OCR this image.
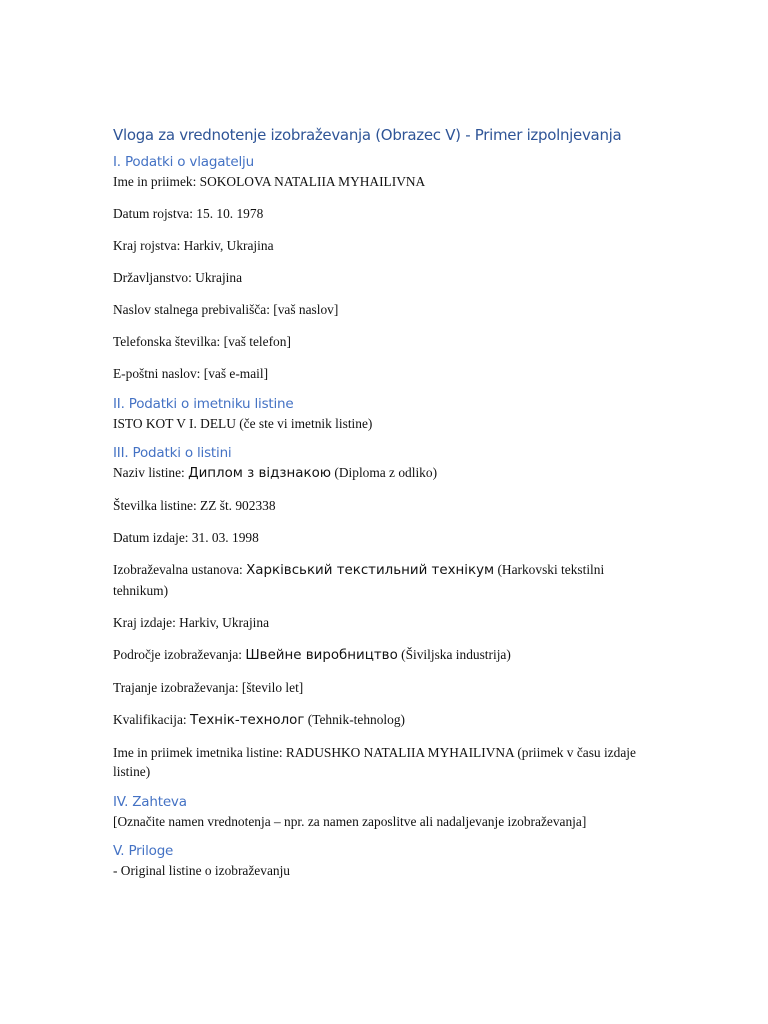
Vloga za vrednotenje izobraževanja (Obrazec V) - Primer izpolnjevanja
I. Podatki o vlagatelju

Ime in priimek: SOKOLOVA NATALIIA MYHAILIVNA

Datum rojstva: 15. 10. 1978

Kraj rojstva: Harkiv, Ukrajina

Državljanstvo: Ukrajina

Naslov stalnega prebivališča: [vaš naslov]

Telefonska številka: [vaš telefon]

E-poštni naslov: [vaš e-mail]

II. Podatki o imetniku listine

ISTO KOT V I. DELU (če ste vi imetnik listine)

III. Podatki o listini

Naziv listine: Диплом з відзнакою (Diploma z odliko)

Številka listine: ZZ št. 902338

Datum izdaje: 31. 03. 1998

Izobraževalna ustanova: Харківський текстильний технікум (Harkovski tekstilni tehnikum)

Kraj izdaje: Harkiv, Ukrajina

Področje izobraževanja: Швейне виробництво (Šiviljska industrija)

Trajanje izobraževanja: [število let]

Kvalifikacija: Технік-технолог (Tehnik-tehnolog)

Ime in priimek imetnika listine: RADUSHKO NATALIIA MYHAILIVNA (priimek v času izdaje listine)

IV. Zahteva

[Označite namen vrednotenja – npr. za namen zaposlitve ali nadaljevanje izobraževanja]

V. Priloge

- Original listine o izobraževanju
